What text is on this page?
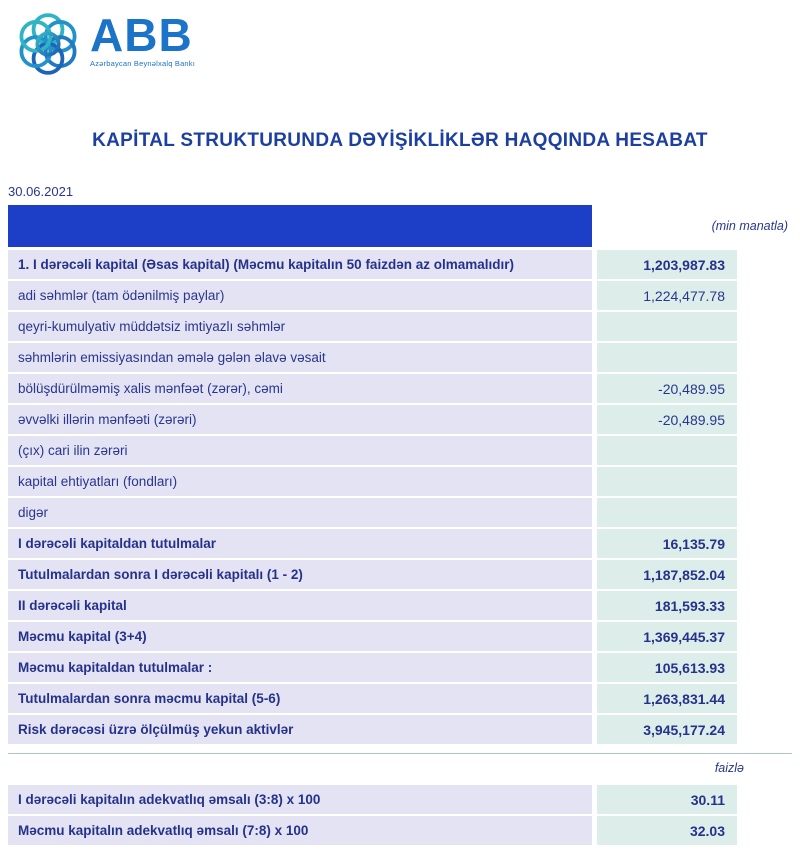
ABB
Azərbaycan Beynəlxalq Bankı
KAPİTAL STRUKTURUNDA DƏYİŞİKLİKLƏR HAQQINDA HESABAT
30.06.2021
(min manatla)
1. I dərəcəli kapital (Əsas kapital) (Məcmu kapitalın 50 faizdən az olmamalıdır)	1,203,987.83
adi səhmlər (tam ödənilmiş paylar)	1,224,477.78
qeyri-kumulyativ müddətsiz imtiyazlı səhmlər
səhmlərin emissiyasından əmələ gələn əlavə vəsait
bölüşdürülməmiş xalis mənfəət (zərər), cəmi	-20,489.95
əvvəlki illərin mənfəəti (zərəri)	-20,489.95
(çıx) cari ilin zərəri
kapital ehtiyatları (fondları)
digər
I dərəcəli kapitaldan tutulmalar	16,135.79
Tutulmalardan sonra I dərəcəli kapitalı (1 - 2)	1,187,852.04
II dərəcəli kapital	181,593.33
Məcmu kapital (3+4)	1,369,445.37
Məcmu kapitaldan tutulmalar :	105,613.93
Tutulmalardan sonra məcmu kapital (5-6)	1,263,831.44
Risk dərəcəsi üzrə ölçülmüş yekun aktivlər	3,945,177.24
faizlə
I dərəcəli kapitalın adekvatlıq əmsalı (3:8) x 100	30.11
Məcmu kapitalın adekvatlıq əmsalı (7:8) x 100	32.03
